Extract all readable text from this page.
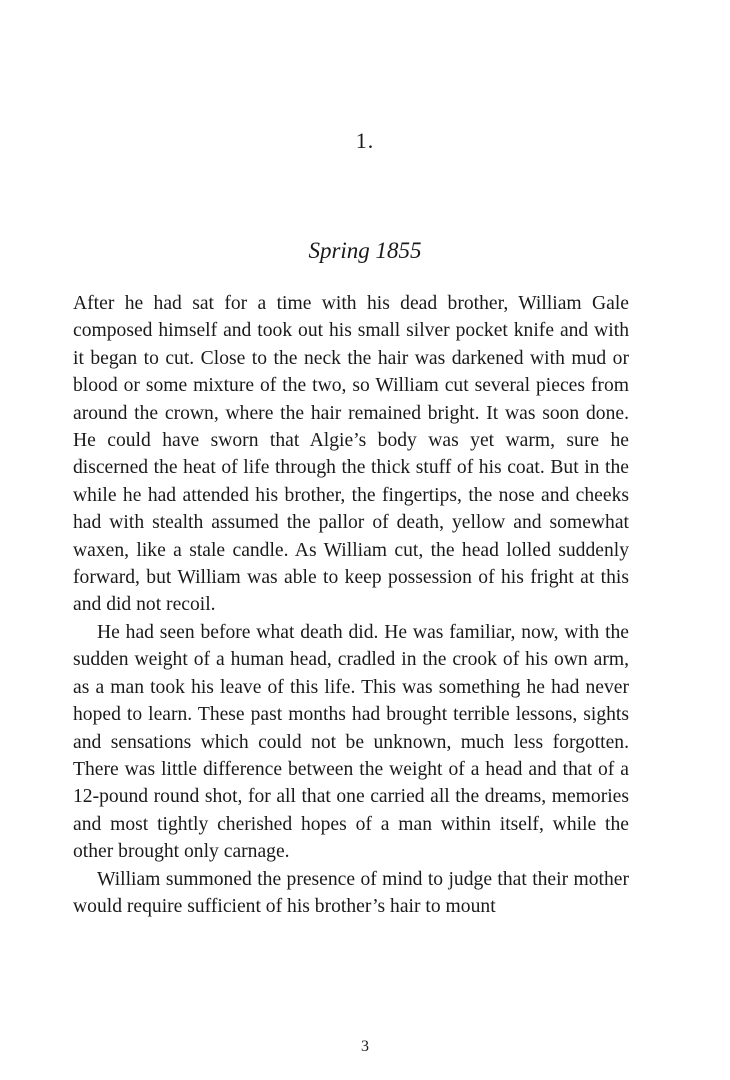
1.
Spring 1855

After he had sat for a time with his dead brother, William Gale composed himself and took out his small silver pocket knife and with it began to cut. Close to the neck the hair was darkened with mud or blood or some mixture of the two, so William cut several pieces from around the crown, where the hair remained bright. It was soon done. He could have sworn that Algie’s body was yet warm, sure he discerned the heat of life through the thick stuff of his coat. But in the while he had attended his brother, the fingertips, the nose and cheeks had with stealth assumed the pallor of death, yellow and somewhat waxen, like a stale candle. As William cut, the head lolled suddenly forward, but William was able to keep possession of his fright at this and did not recoil.

He had seen before what death did. He was familiar, now, with the sudden weight of a human head, cradled in the crook of his own arm, as a man took his leave of this life. This was something he had never hoped to learn. These past months had brought terrible lessons, sights and sensations which could not be unknown, much less forgotten. There was little difference between the weight of a head and that of a 12-pound round shot, for all that one carried all the dreams, memories and most tightly cherished hopes of a man within itself, while the other brought only carnage.

William summoned the presence of mind to judge that their mother would require sufficient of his brother’s hair to mount

3
